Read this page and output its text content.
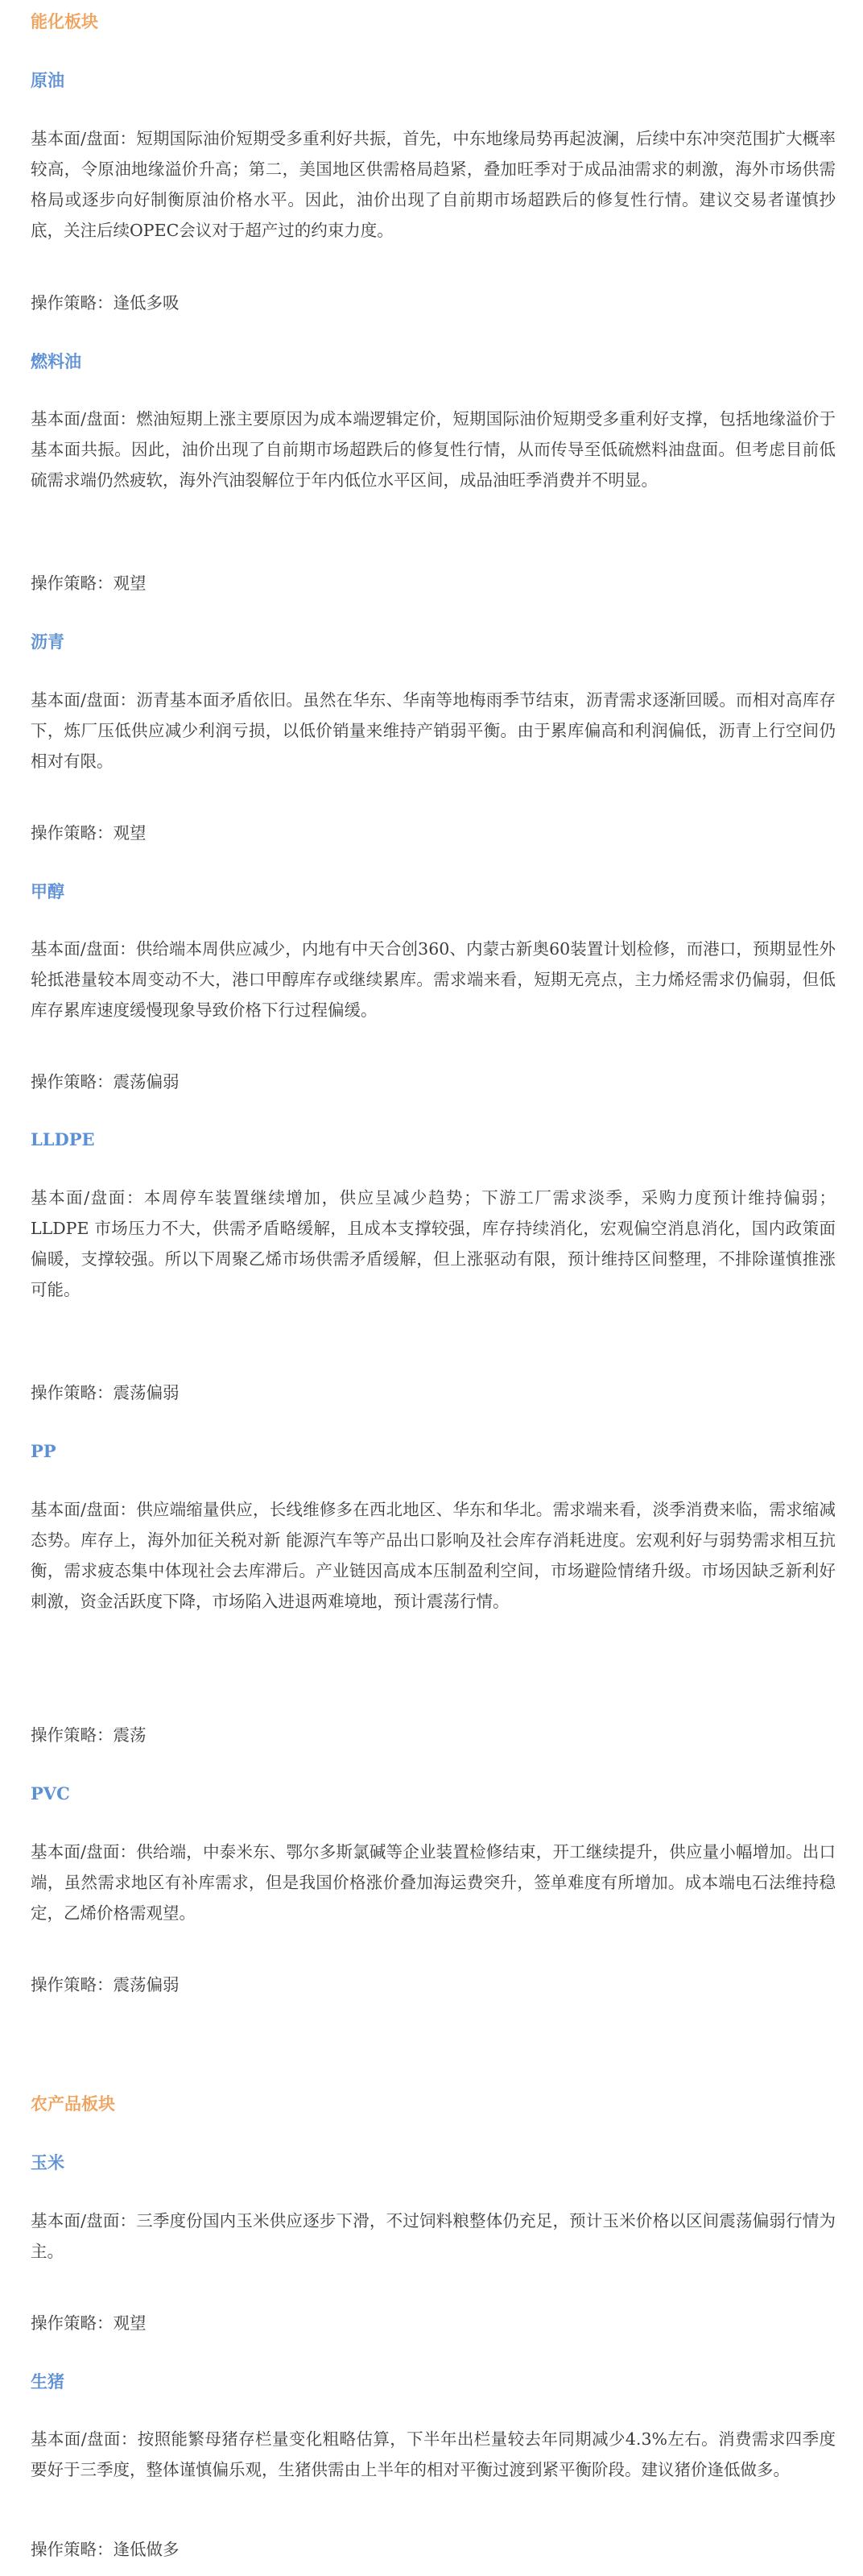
能化板块
原油

基本面/盘面：短期国际油价短期受多重利好共振，首先，中东地缘局势再起波澜，后续中东冲突范围扩大概率较高，令原油地缘溢价升高；第二，美国地区供需格局趋紧，叠加旺季对于成品油需求的刺激，海外市场供需格局或逐步向好制衡原油价格水平。因此，油价出现了自前期市场超跌后的修复性行情。建议交易者谨慎抄底，关注后续OPEC会议对于超产过的约束力度。

操作策略：逢低多吸

燃料油

基本面/盘面：燃油短期上涨主要原因为成本端逻辑定价，短期国际油价短期受多重利好支撑，包括地缘溢价于基本面共振。因此，油价出现了自前期市场超跌后的修复性行情，从而传导至低硫燃料油盘面。但考虑目前低硫需求端仍然疲软，海外汽油裂解位于年内低位水平区间，成品油旺季消费并不明显。

操作策略：观望

沥青

基本面/盘面：沥青基本面矛盾依旧。虽然在华东、华南等地梅雨季节结束，沥青需求逐渐回暖。而相对高库存下，炼厂压低供应减少利润亏损，以低价销量来维持产销弱平衡。由于累库偏高和利润偏低，沥青上行空间仍相对有限。

操作策略：观望

甲醇

基本面/盘面：供给端本周供应减少，内地有中天合创360、内蒙古新奥60装置计划检修，而港口，预期显性外轮抵港量较本周变动不大，港口甲醇库存或继续累库。需求端来看，短期无亮点，主力烯烃需求仍偏弱，但低库存累库速度缓慢现象导致价格下行过程偏缓。

操作策略：震荡偏弱

LLDPE

基本面/盘面：本周停车装置继续增加，供应呈减少趋势；下游工厂需求淡季，采购力度预计维持偏弱；LLDPE 市场压力不大，供需矛盾略缓解，且成本支撑较强，库存持续消化，宏观偏空消息消化，国内政策面偏暖，支撑较强。所以下周聚乙烯市场供需矛盾缓解，但上涨驱动有限，预计维持区间整理，不排除谨慎推涨可能。

操作策略：震荡偏弱

PP

基本面/盘面：供应端缩量供应，长线维修多在西北地区、华东和华北。需求端来看，淡季消费来临，需求缩减态势。库存上，海外加征关税对新 能源汽车等产品出口影响及社会库存消耗进度。宏观利好与弱势需求相互抗衡，需求疲态集中体现社会去库滞后。产业链因高成本压制盈利空间，市场避险情绪升级。市场因缺乏新利好刺激，资金活跃度下降，市场陷入进退两难境地，预计震荡行情。

操作策略：震荡

PVC

基本面/盘面：供给端，中泰米东、鄂尔多斯氯碱等企业装置检修结束，开工继续提升，供应量小幅增加。出口端，虽然需求地区有补库需求，但是我国价格涨价叠加海运费突升，签单难度有所增加。成本端电石法维持稳定，乙烯价格需观望。

操作策略：震荡偏弱

农产品板块
玉米

基本面/盘面：三季度份国内玉米供应逐步下滑，不过饲料粮整体仍充足，预计玉米价格以区间震荡偏弱行情为主。

操作策略：观望

生猪

基本面/盘面：按照能繁母猪存栏量变化粗略估算，下半年出栏量较去年同期减少4.3%左右。消费需求四季度要好于三季度，整体谨慎偏乐观，生猪供需由上半年的相对平衡过渡到紧平衡阶段。建议猪价逢低做多。

操作策略：逢低做多
